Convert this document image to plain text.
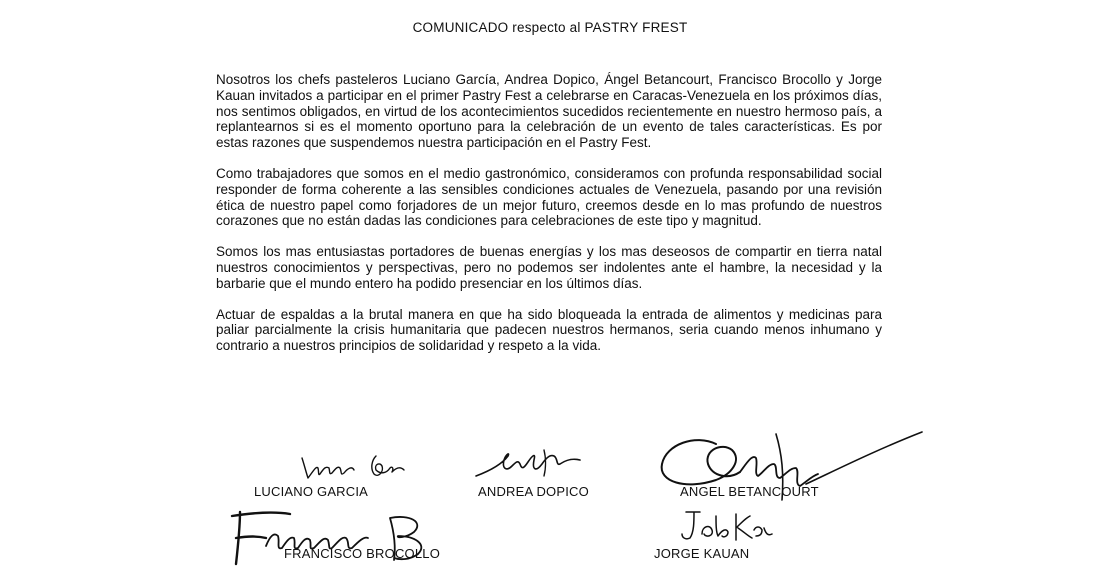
COMUNICADO respecto al PASTRY FREST

Nosotros los chefs pasteleros Luciano García, Andrea Dopico, Ángel Betancourt, Francisco Brocollo y Jorge Kauan invitados a participar en el primer Pastry Fest a celebrarse en Caracas-Venezuela en los próximos días, nos sentimos obligados, en virtud de los acontecimientos sucedidos recientemente en nuestro hermoso país, a replantearnos si es el momento oportuno para la celebración de un evento de tales características. Es por estas razones que suspendemos nuestra participación en el Pastry Fest.

Como trabajadores que somos en el medio gastronómico, consideramos con profunda responsabilidad social responder de forma coherente a las sensibles condiciones actuales de Venezuela, pasando por una revisión ética de nuestro papel como forjadores de un mejor futuro, creemos desde en lo mas profundo de nuestros corazones que no están dadas las condiciones para celebraciones de este tipo y magnitud.

Somos los mas entusiastas portadores de buenas energías y los mas deseosos de compartir en tierra natal nuestros conocimientos y perspectivas, pero no podemos ser indolentes ante el hambre, la necesidad y la barbarie que el mundo entero ha podido presenciar en los últimos días.

Actuar de espaldas a la brutal manera en que ha sido bloqueada la entrada de alimentos y medicinas para paliar parcialmente la crisis humanitaria que padecen nuestros hermanos, seria cuando menos inhumano y contrario a nuestros principios de solidaridad y respeto a la vida.

LUCIANO GARCIA	ANDREA DOPICO	ANGEL BETANCOURT
FRANCISCO BROCOLLO	JORGE KAUAN
